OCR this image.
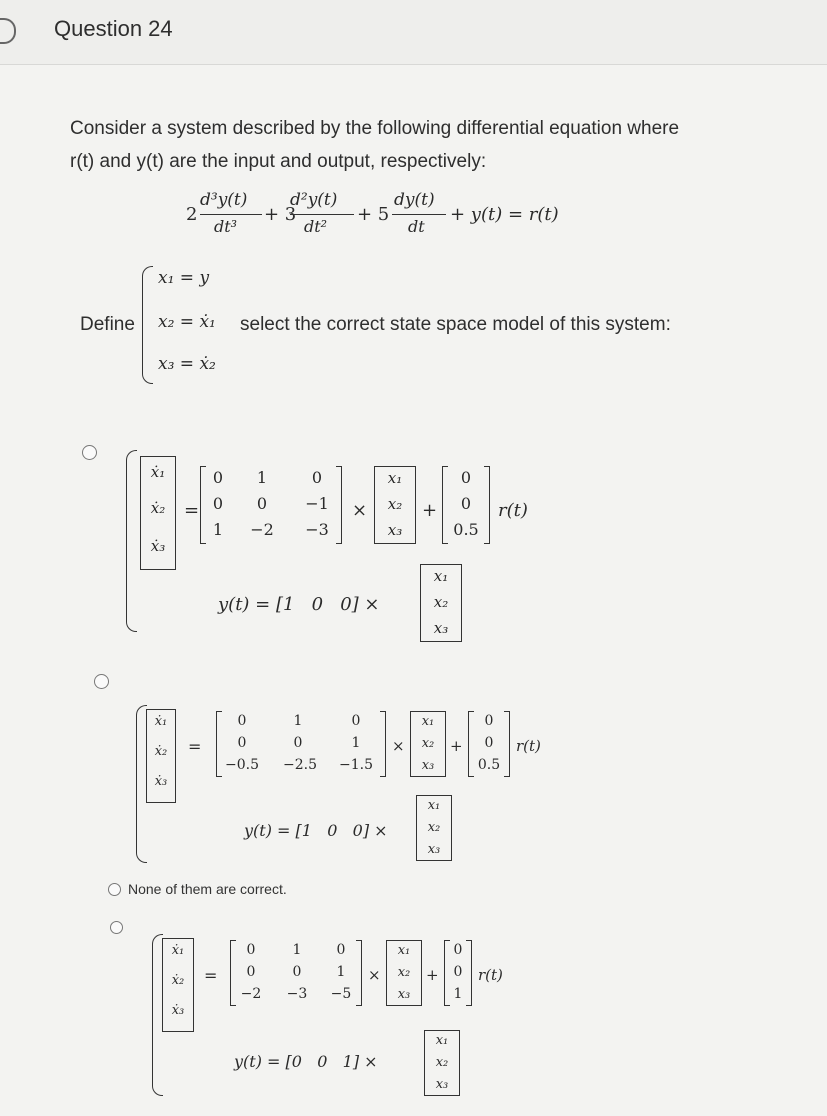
Question 24
Consider a system described by the following differential equation where
r(t) and y(t) are the input and output, respectively:
2
d³y(t)
dt³
+ 3
d²y(t)
dt²
+ 5
dy(t)
dt
+ y(t) = r(t)
Define
x₁ = y
x₂ = ẋ₁
x₃ = ẋ₂
select the correct state space model of this system:
ẋ₁
ẋ₂
ẋ₃
=
0	1	0
0	0	−1
1	−2	−3
×
x₁
x₂
x₃
+
0
0
0.5
r(t)
y(t) = [1   0   0] ×
x₁
x₂
x₃
ẋ₁
ẋ₂
ẋ₃
=
0	1	0
0	0	1
−0.5	−2.5	−1.5
×
x₁
x₂
x₃
+
0
0
0.5
r(t)
y(t) = [1   0   0] ×
x₁
x₂
x₃
None of them are correct.
ẋ₁
ẋ₂
ẋ₃
=
0	1	0
0	0	1
−2	−3	−5
×
x₁
x₂
x₃
+
0
0
1
r(t)
y(t) = [0   0   1] ×
x₁
x₂
x₃
